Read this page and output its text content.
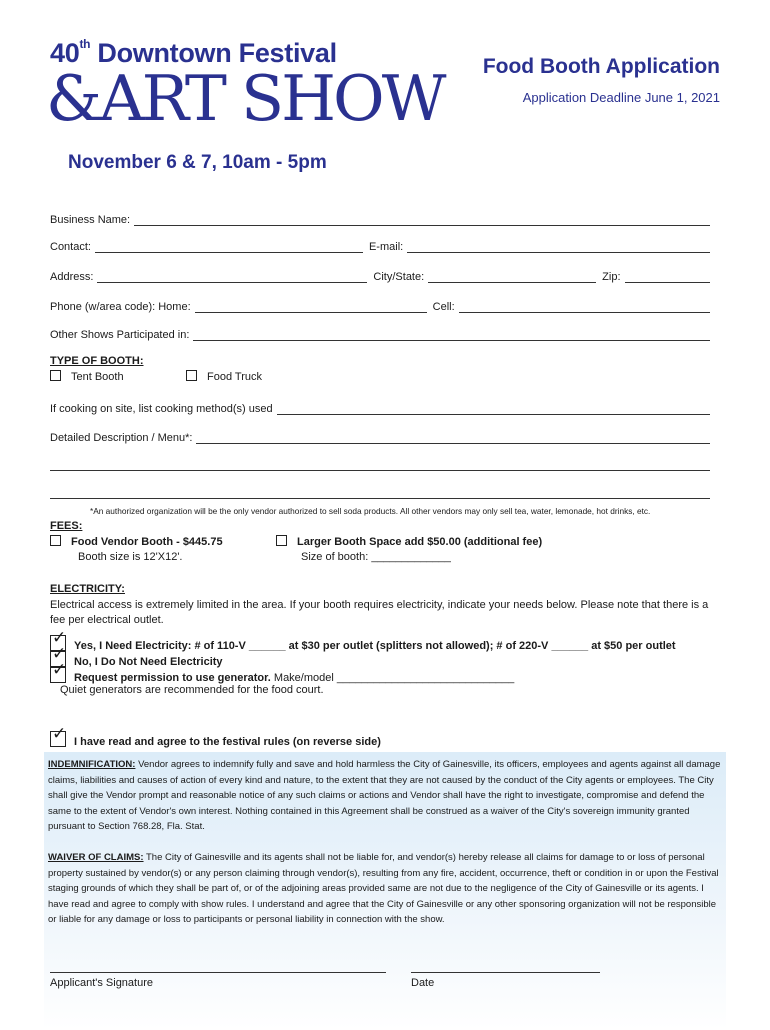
40th Downtown Festival
&ART SHOW
November 6 & 7, 10am - 5pm
Food Booth Application
Application Deadline June 1, 2021
Business Name:
Contact:	E-mail:
Address:	City/State:	Zip:
Phone (w/area code): Home:	Cell:
Other Shows Participated in:
TYPE OF BOOTH:
Tent Booth	Food Truck
If cooking on site, list cooking method(s) used
Detailed Description / Menu*:
*An authorized organization will be the only vendor authorized to sell soda products. All other vendors may only sell tea, water, lemonade, hot drinks, etc.
FEES:
Food Vendor Booth - $445.75
Booth size is 12'X12'.
Larger Booth Space add $50.00 (additional fee)
Size of booth: _____________
ELECTRICITY:
Electrical access is extremely limited in the area. If your booth requires electricity, indicate your needs below. Please note that there is a fee per electrical outlet.
✓ Yes, I Need Electricity: # of 110-V ______ at $30 per outlet (splitters not allowed); # of 220-V ______ at $50 per outlet
✓ No, I Do Not Need Electricity
✓ Request permission to use generator. Make/model _____________________________
Quiet generators are recommended for the food court.
✓ I have read and agree to the festival rules (on reverse side)

INDEMNIFICATION: Vendor agrees to indemnify fully and save and hold harmless the City of Gainesville, its officers, employees and agents against all damage claims, liabilities and causes of action of every kind and nature, to the extent that they are not caused by the conduct of the City agents or employees. The City shall give the Vendor prompt and reasonable notice of any such claims or actions and Vendor shall have the right to investigate, compromise and defend the same to the extent of Vendor's own interest. Nothing contained in this Agreement shall be construed as a waiver of the City's sovereign immunity granted pursuant to Section 768.28, Fla. Stat.

WAIVER OF CLAIMS: The City of Gainesville and its agents shall not be liable for, and vendor(s) hereby release all claims for damage to or loss of personal property sustained by vendor(s) or any person claiming through vendor(s), resulting from any fire, accident, occurrence, theft or condition in or upon the Festival staging grounds of which they shall be part of, or of the adjoining areas provided same are not due to the negligence of the City of Gainesville or its agents. I have read and agree to comply with show rules. I understand and agree that the City of Gainesville or any other sponsoring organization will not be responsible or liable for any damage or loss to participants or personal liability in connection with the show.

Applicant's Signature	Date
